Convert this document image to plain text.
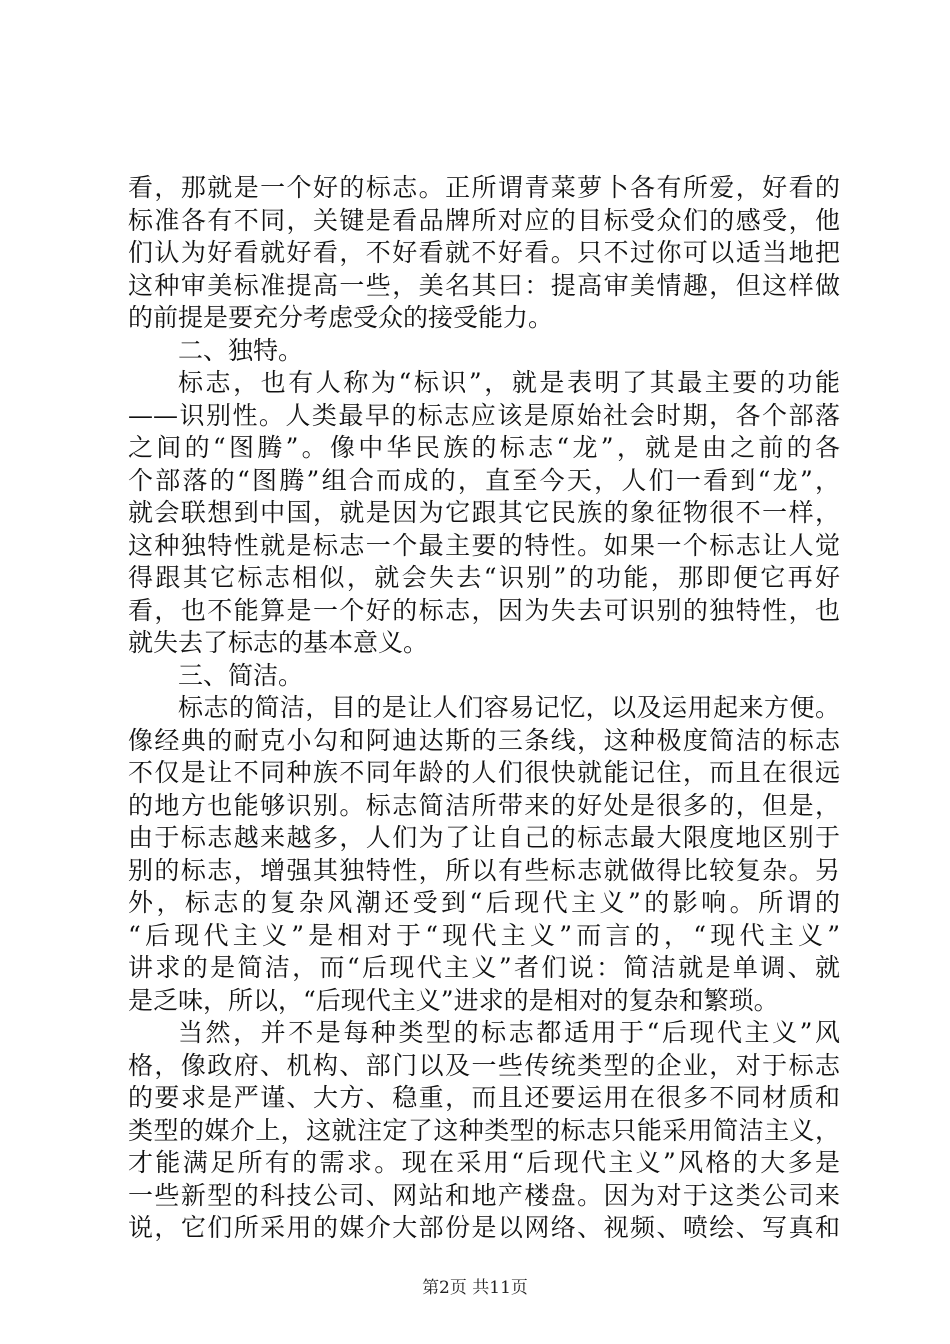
看，那就是一个好的标志。正所谓青菜萝卜各有所爱，好看的
标准各有不同，关键是看品牌所对应的目标受众们的感受，他
们认为好看就好看，不好看就不好看。只不过你可以适当地把
这种审美标准提高一些，美名其曰：提高审美情趣，但这样做
的前提是要充分考虑受众的接受能力。
二、独特。
标志，也有人称为“标识”，就是表明了其最主要的功能
——识别性。人类最早的标志应该是原始社会时期，各个部落
之间的“图腾”。像中华民族的标志“龙”，就是由之前的各
个部落的“图腾”组合而成的，直至今天，人们一看到“龙”，
就会联想到中国，就是因为它跟其它民族的象征物很不一样，
这种独特性就是标志一个最主要的特性。如果一个标志让人觉
得跟其它标志相似，就会失去“识别”的功能，那即便它再好
看，也不能算是一个好的标志，因为失去可识别的独特性，也
就失去了标志的基本意义。
三、简洁。
标志的简洁，目的是让人们容易记忆，以及运用起来方便。
像经典的耐克小勾和阿迪达斯的三条线，这种极度简洁的标志
不仅是让不同种族不同年龄的人们很快就能记住，而且在很远
的地方也能够识别。标志简洁所带来的好处是很多的，但是，
由于标志越来越多，人们为了让自己的标志最大限度地区别于
别的标志，增强其独特性，所以有些标志就做得比较复杂。另
外，标志的复杂风潮还受到“后现代主义”的影响。所谓的
“后现代主义”是相对于“现代主义”而言的，“现代主义”
讲求的是简洁，而“后现代主义”者们说：简洁就是单调、就
是乏味，所以，“后现代主义”进求的是相对的复杂和繁琐。
当然，并不是每种类型的标志都适用于“后现代主义”风
格，像政府、机构、部门以及一些传统类型的企业，对于标志
的要求是严谨、大方、稳重，而且还要运用在很多不同材质和
类型的媒介上，这就注定了这种类型的标志只能采用简洁主义，
才能满足所有的需求。现在采用“后现代主义”风格的大多是
一些新型的科技公司、网站和地产楼盘。因为对于这类公司来
说，它们所采用的媒介大部份是以网络、视频、喷绘、写真和
第2页 共11页
